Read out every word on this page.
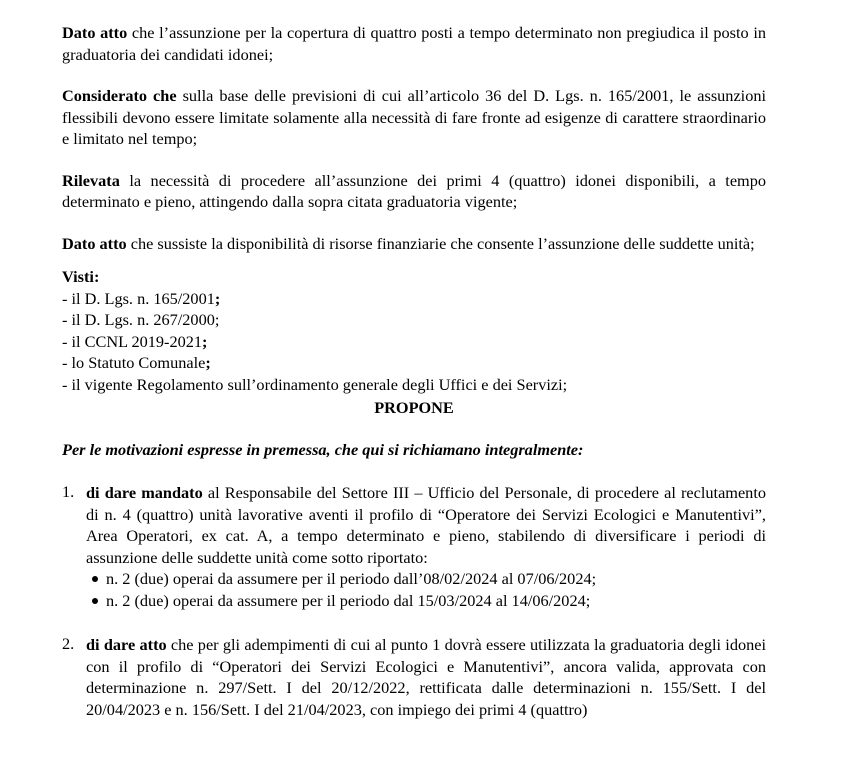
Dato atto che l’assunzione per la copertura di quattro posti a tempo determinato non pregiudica il posto in graduatoria dei candidati idonei;

Considerato che sulla base delle previsioni di cui all’articolo 36 del D. Lgs. n. 165/2001, le assunzioni flessibili devono essere limitate solamente alla necessità di fare fronte ad esigenze di carattere straordinario e limitato nel tempo;

Rilevata la necessità di procedere all’assunzione dei primi 4 (quattro) idonei disponibili, a tempo determinato e pieno, attingendo dalla sopra citata graduatoria vigente;

Dato atto che sussiste la disponibilità di risorse finanziarie che consente l’assunzione delle suddette unità;

Visti:

- il D. Lgs. n. 165/2001;

- il D. Lgs. n. 267/2000;

- il CCNL 2019-2021;

- lo Statuto Comunale;

- il vigente Regolamento sull’ordinamento generale degli Uffici e dei Servizi;

PROPONE

Per le motivazioni espresse in premessa, che qui si richiamano integralmente:

1. di dare mandato al Responsabile del Settore III – Ufficio del Personale, di procedere al reclutamento di n. 4 (quattro) unità lavorative aventi il profilo di “Operatore dei Servizi Ecologici e Manutentivi”, Area Operatori, ex cat. A, a tempo determinato e pieno, stabilendo di diversificare i periodi di assunzione delle suddette unità come sotto riportato:

n. 2 (due) operai da assumere per il periodo dall’08/02/2024 al 07/06/2024;
n. 2 (due) operai da assumere per il periodo dal 15/03/2024 al 14/06/2024;
2. di dare atto che per gli adempimenti di cui al punto 1 dovrà essere utilizzata la graduatoria degli idonei con il profilo di “Operatori dei Servizi Ecologici e Manutentivi”, ancora valida, approvata con determinazione n. 297/Sett. I del 20/12/2022, rettificata dalle determinazioni n. 155/Sett. I del 20/04/2023 e n. 156/Sett. I del 21/04/2023, con impiego dei primi 4 (quattro)
